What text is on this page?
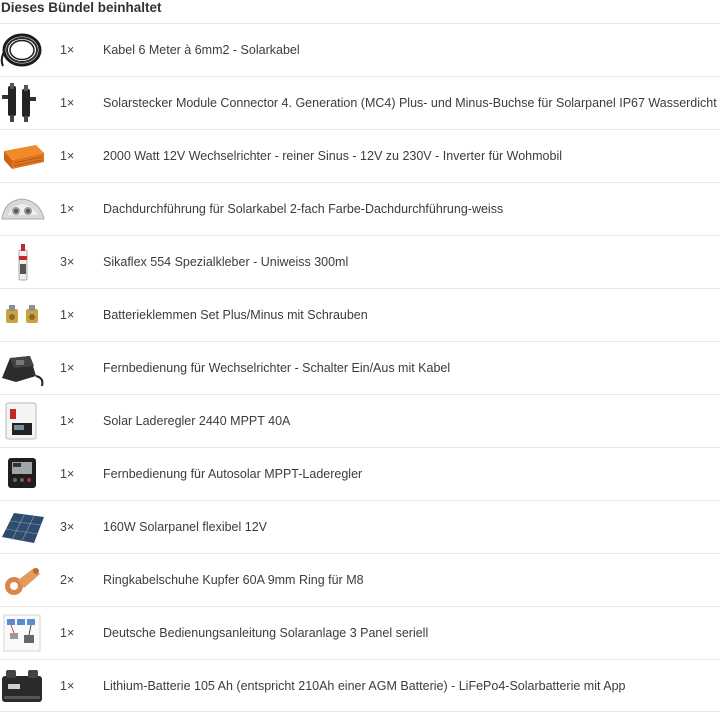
Dieses Bündel beinhaltet
1× Kabel 6 Meter à 6mm2 - Solarkabel
1× Solarstecker Module Connector 4. Generation (MC4) Plus- und Minus-Buchse für Solarpanel IP67 Wasserdicht
1× 2000 Watt 12V Wechselrichter - reiner Sinus - 12V zu 230V - Inverter für Wohmobil
1× Dachdurchführung für Solarkabel 2-fach Farbe-Dachdurchführung-weiss
3× Sikaflex 554 Spezialkleber - Uniweiss 300ml
1× Batterieklemmen Set Plus/Minus mit Schrauben
1× Fernbedienung für Wechselrichter - Schalter Ein/Aus mit Kabel
1× Solar Laderegler 2440 MPPT 40A
1× Fernbedienung für Autosolar MPPT-Laderegler
3× 160W Solarpanel flexibel 12V
2× Ringkabelschuhe Kupfer 60A 9mm Ring für M8
1× Deutsche Bedienungsanleitung Solaranlage 3 Panel seriell
1× Lithium-Batterie 105 Ah (entspricht 210Ah einer AGM Batterie) - LiFePo4-Solarbatterie mit App
